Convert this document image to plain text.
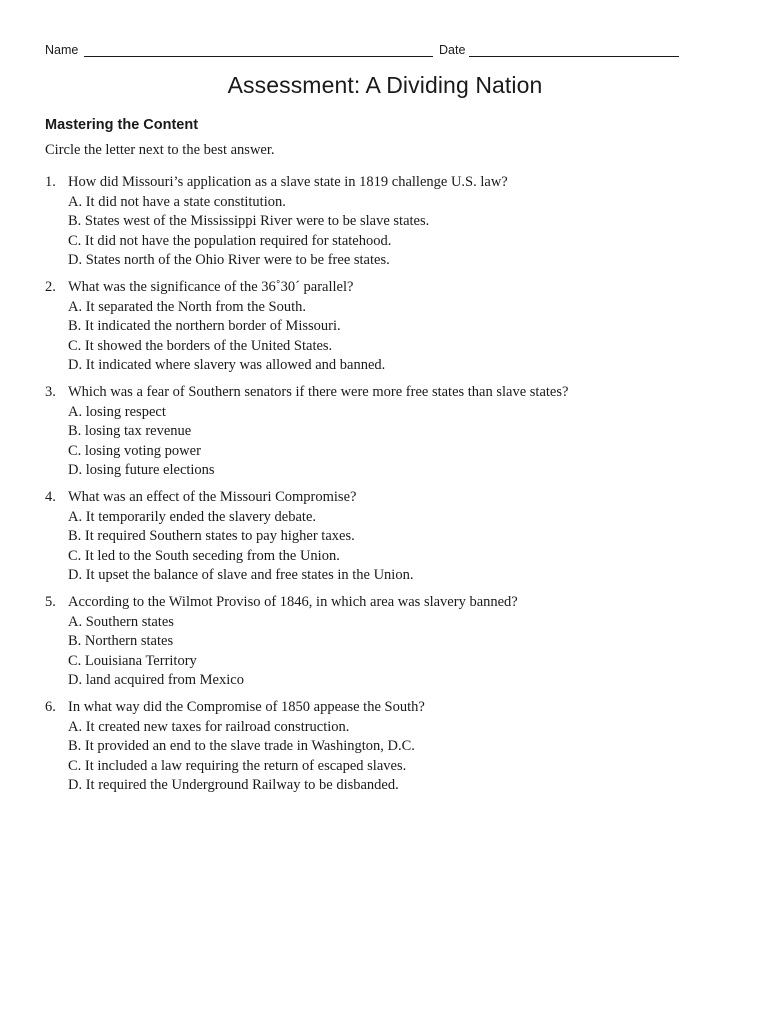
Name	Date
Assessment: A Dividing Nation
Mastering the Content
Circle the letter next to the best answer.
1. How did Missouri’s application as a slave state in 1819 challenge U.S. law?
A. It did not have a state constitution.
B. States west of the Mississippi River were to be slave states.
C. It did not have the population required for statehood.
D. States north of the Ohio River were to be free states.
2. What was the significance of the 36˚30´ parallel?
A. It separated the North from the South.
B. It indicated the northern border of Missouri.
C. It showed the borders of the United States.
D. It indicated where slavery was allowed and banned.
3. Which was a fear of Southern senators if there were more free states than slave states?
A. losing respect
B. losing tax revenue
C. losing voting power
D. losing future elections
4. What was an effect of the Missouri Compromise?
A. It temporarily ended the slavery debate.
B. It required Southern states to pay higher taxes.
C. It led to the South seceding from the Union.
D. It upset the balance of slave and free states in the Union.
5. According to the Wilmot Proviso of 1846, in which area was slavery banned?
A. Southern states
B. Northern states
C. Louisiana Territory
D. land acquired from Mexico
6. In what way did the Compromise of 1850 appease the South?
A. It created new taxes for railroad construction.
B. It provided an end to the slave trade in Washington, D.C.
C. It included a law requiring the return of escaped slaves.
D. It required the Underground Railway to be disbanded.
